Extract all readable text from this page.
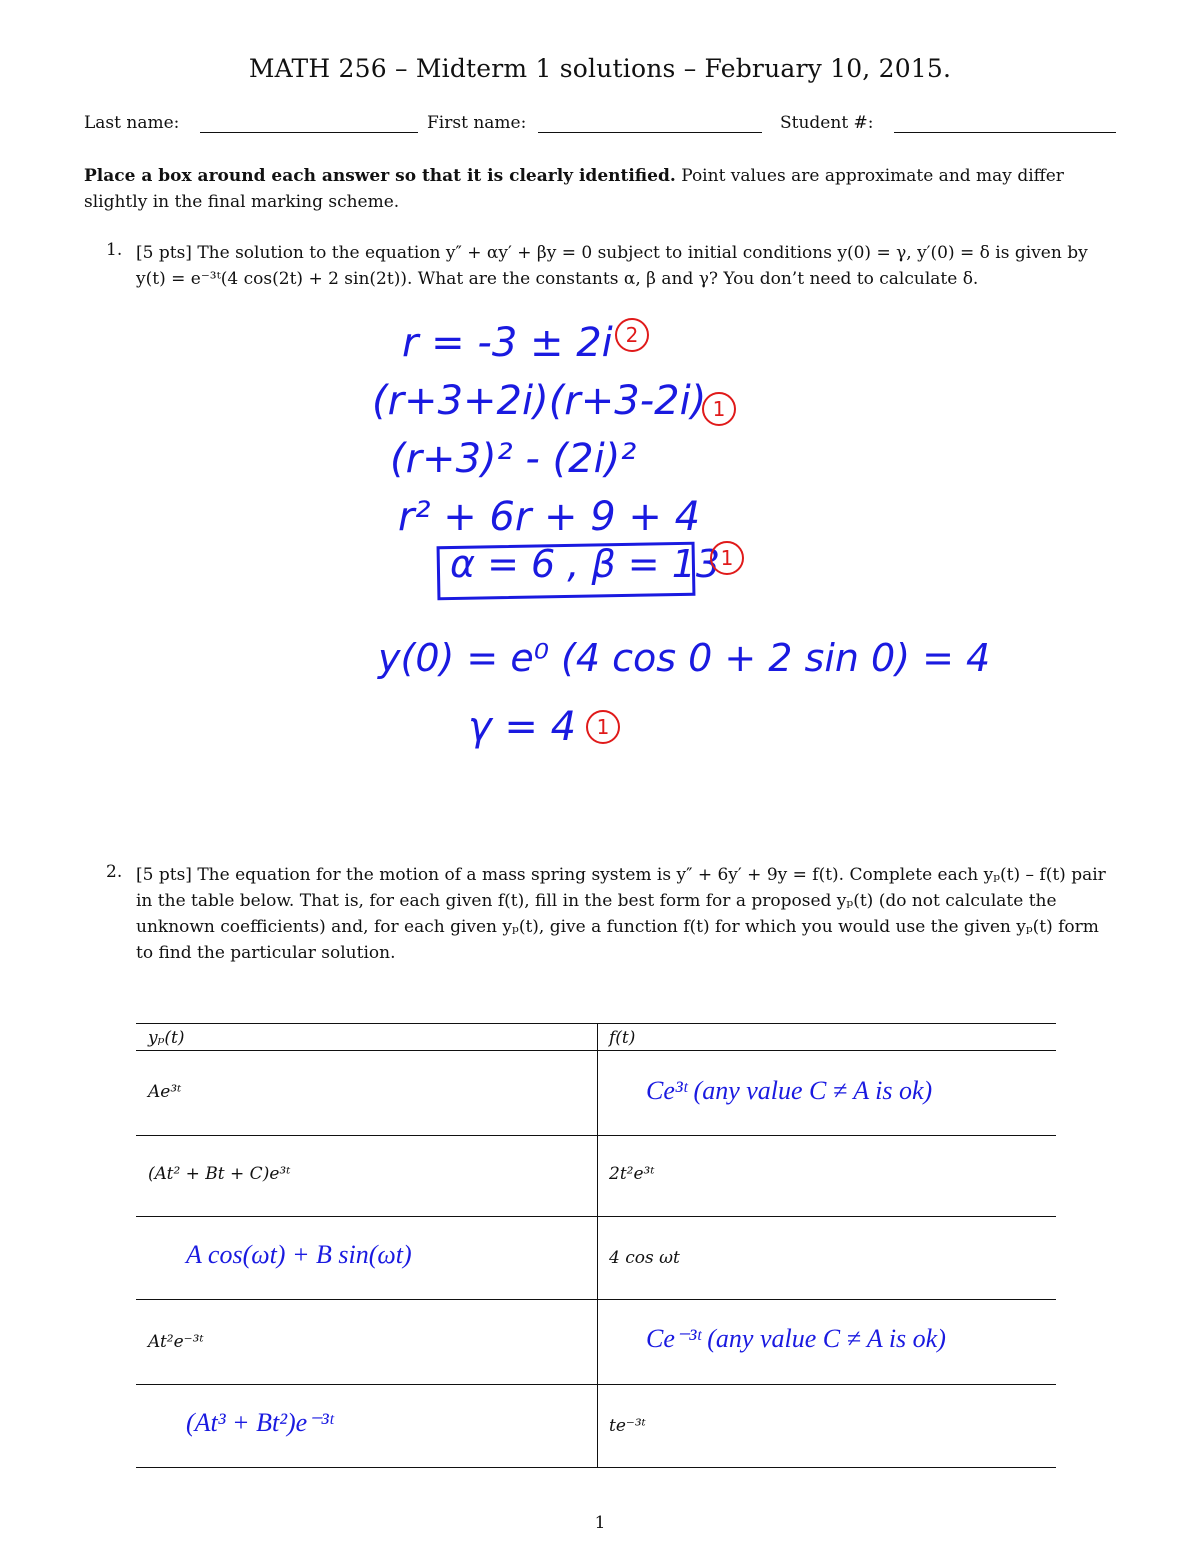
MATH 256 – Midterm 1 solutions – February 10, 2015.
Last name:	First name:	Student #:
Place a box around each answer so that it is clearly identified. Point values are approximate and may differ slightly in the final marking scheme.
1. [5 pts] The solution to the equation y″ + αy′ + βy = 0 subject to initial conditions y(0) = γ, y′(0) = δ is given by y(t) = e⁻³ᵗ(4 cos(2t) + 2 sin(2t)). What are the constants α, β and γ? You don’t need to calculate δ.
r = -3 ± 2i 2
(r+3+2i)(r+3-2i) 1
(r+3)² - (2i)²
r² + 6r + 9 + 4
α = 6 , β = 13 1
y(0) = e⁰ (4 cos 0 + 2 sin 0) = 4
γ = 4	1
2. [5 pts] The equation for the motion of a mass spring system is y″ + 6y′ + 9y = f(t). Complete each yₚ(t) – f(t) pair in the table below. That is, for each given f(t), fill in the best form for a proposed yₚ(t) (do not calculate the unknown coefficients) and, for each given yₚ(t), give a function f(t) for which you would use the given yₚ(t) form to find the particular solution.
yₚ(t)	f(t)
Ae³ᵗ	Ce³ᵗ (any value C ≠ A is ok)
(At² + Bt + C)e³ᵗ	2t²e³ᵗ
A cos(ωt) + B sin(ωt)	4 cos ωt
At²e⁻³ᵗ	Ce⁻³ᵗ (any value C ≠ A is ok)
(At³ + Bt²)e⁻³ᵗ	te⁻³ᵗ
1
